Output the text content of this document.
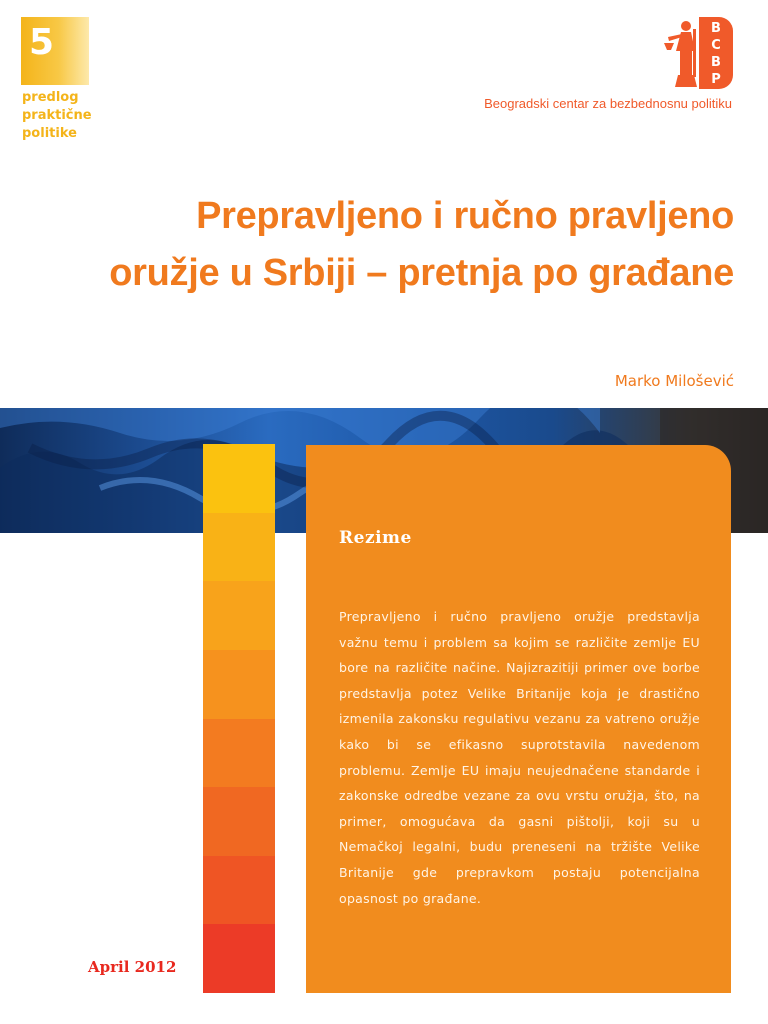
5
predlog
praktične
politike
B
C
B
P
Beogradski centar za bezbednosnu politiku
Prepravljeno i ručno pravljeno
oružje u Srbiji – pretnja po građane
Marko Milošević
Rezime
Prepravljeno i ručno pravljeno oružje predstavlja važnu temu i problem sa kojim se različite zemlje EU bore na različite načine. Najizrazitiji primer ove borbe predstavlja potez Velike Britanije koja je drastično izmenila zakonsku regulativu vezanu za vatreno oružje kako bi se efikasno suprotstavila navedenom problemu. Zemlje EU imaju neujednačene standarde i zakonske odredbe vezane za ovu vrstu oružja, što, na primer, omogućava da gasni pištolji, koji su u Nemačkoj legalni, budu preneseni na tržište Velike Britanije gde prepravkom postaju potencijalna opasnost po građane.
April 2012
